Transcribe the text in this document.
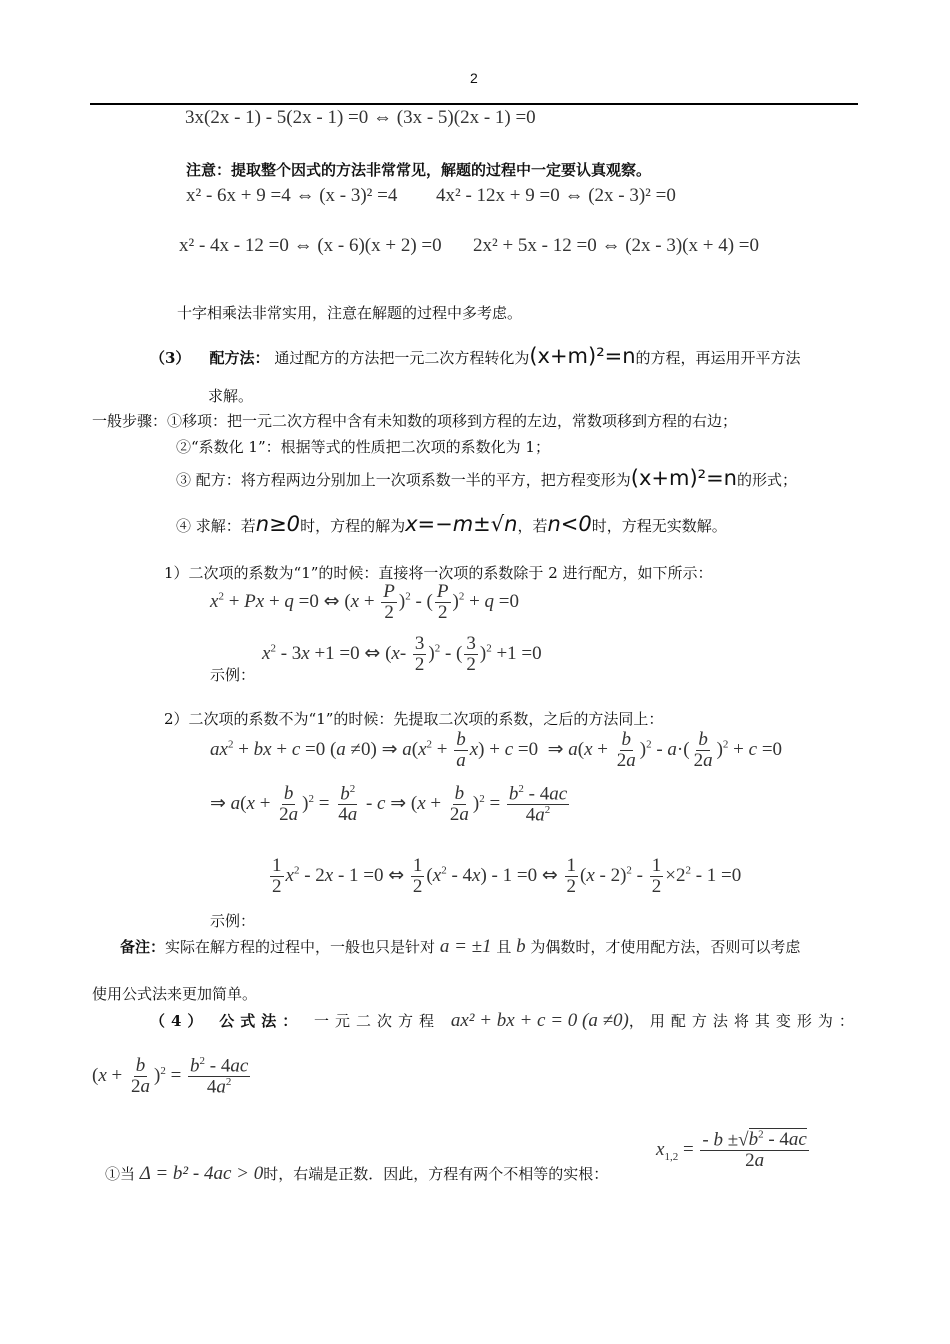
2
3x(2x - 1) - 5(2x - 1) =0 ⇔ (3x - 5)(2x - 1) =0
注意：提取整个因式的方法非常常见，解题的过程中一定要认真观察。
x² - 6x + 9 =4 ⇔ (x - 3)² =4 4x² - 12x + 9 =0 ⇔ (2x - 3)² =0
x² - 4x - 12 =0 ⇔ (x - 6)(x + 2) =0 2x² + 5x - 12 =0 ⇔ (2x - 3)(x + 4) =0
十字相乘法非常实用，注意在解题的过程中多考虑。
（3） 配方法： 通过配方的方法把一元二次方程转化为(x+m)²=n的方程，再运用开平方法
求解。
一般步骤：①移项：把一元二次方程中含有未知数的项移到方程的左边，常数项移到方程的右边；
②“系数化 1”：根据等式的性质把二次项的系数化为 1；
③ 配方：将方程两边分别加上一次项系数一半的平方，把方程变形为(x+m)²=n的形式；
④ 求解：若n≥0时，方程的解为x=−m±√n，若n<0时，方程无实数解。
1）二次项的系数为“1”的时候：直接将一次项的系数除于 2 进行配方，如下所示：
$x^2 + Px + q =0$ ⇔ $(x + \frac{P}{2} )^2$ - ( $\frac{P}{2} )^2 + q =0$
$x^2 - 3x +1 =0$ ⇔ $(x- \frac{3}{2} )^2$ - ( $\frac{3}{2} )^2 +1 =0$
示例：
2）二次项的系数不为“1”的时候：先提取二次项的系数，之后的方法同上：
$ax^2$ + bx + c =0 (a ≠0) ⇒ $a(x^2 + \frac{b}{a} x) + c =0$  ⇒ $a(x + \frac{b}{2a} )^2 - a\cdot( \frac{b}{2a} )^2 + c =0$
⇒ $a(x + \frac{b}{2a} )^2 = \frac{b^2}{4a} - c$ ⇒ $(x + \frac{b}{2a} )^2 = \frac{b^2 - 4ac}{4a^2}$
$\frac{1}{2} x^2 - 2x - 1 =0$ ⇔ $\frac{1}{2} (x^2 - 4x) - 1 =0$ ⇔ $\frac{1}{2} (x - 2)^2 - \frac{1}{2} \times 2^2 - 1 =0$
示例：
备注：实际在解方程的过程中，一般也只是针对 a = ±1 且 b 为偶数时，才使用配方法，否则可以考虑
使用公式法来更加简单。
（4） 公式法： 一元二次方程 ax² + bx + c = 0 (a ≠0)，用配方法将其变形为：
$(x + \frac{b}{2a} )^2 = \frac{b^2 - 4ac}{4a^2}$
①当 Δ = b² - 4ac > 0时，右端是正数．因此，方程有两个不相等的实根：
$x_{1,2} = \frac{- b \pm√b^2 - 4ac}{2a}$
